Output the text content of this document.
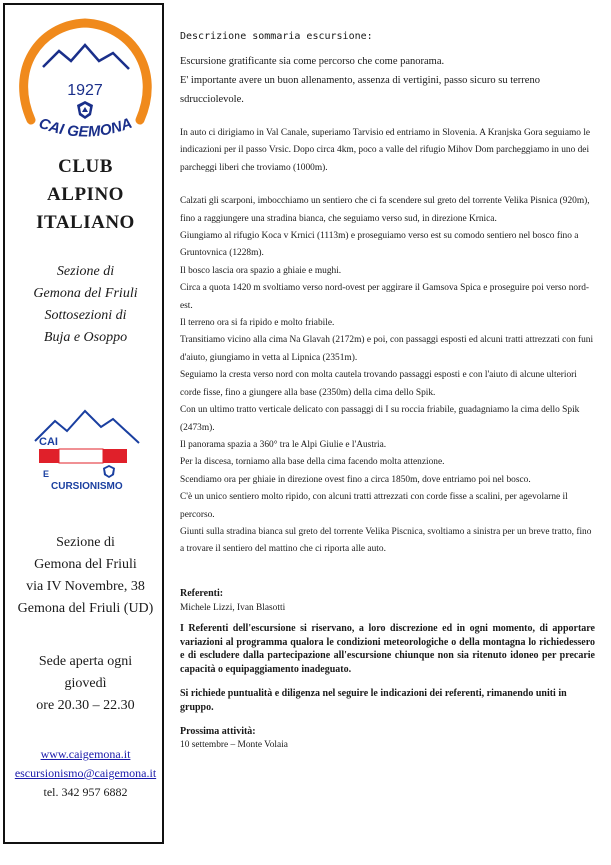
1927
CAI GEMONA
CLUB
ALPINO
ITALIANO
Sezione di
Gemona del Friuli
Sottosezioni di
Buja e Osoppo
CAI
E
CURSIONISMO
Sezione di
Gemona del Friuli
via IV Novembre, 38
Gemona del Friuli (UD)
Sede aperta ogni
giovedì
ore 20.30 – 22.30
www.caigemona.it
escursionismo@caigemona.it
tel. 342 957 6882

Descrizione sommaria escursione:

Escursione gratificante sia come percorso che come panorama.

E' importante avere un buon allenamento, assenza di vertigini, passo sicuro su terreno sdrucciolevole.

In auto ci dirigiamo in Val Canale, superiamo Tarvisio ed entriamo in Slovenia. A Kranjska Gora seguiamo le indicazioni per il passo Vrsic. Dopo circa 4km, poco a valle del rifugio Mihov Dom parcheggiamo in uno dei parcheggi liberi che troviamo (1000m).

Calzati gli scarponi, imbocchiamo un sentiero che ci fa scendere sul greto del torrente Velika Pisnica (920m), fino a raggiungere una stradina bianca, che seguiamo verso sud, in direzione Krnica.

Giungiamo al rifugio Koca v Krnici (1113m) e proseguiamo verso est su comodo sentiero nel bosco fino a Gruntovnica (1228m).

Il bosco lascia ora spazio a ghiaie e mughi.

Circa a quota 1420 m svoltiamo verso nord-ovest per aggirare il Gamsova Spica e proseguire poi verso nord-est.

Il terreno ora si fa ripido e molto friabile.

Transitiamo vicino alla cima Na Glavah (2172m) e poi, con passaggi esposti ed alcuni tratti attrezzati con funi d'aiuto, giungiamo in vetta al Lipnica (2351m).

Seguiamo la cresta verso nord con molta cautela trovando passaggi esposti e con l'aiuto di alcune ulteriori corde fisse, fino a giungere alla base (2350m) della cima dello Spik.

Con un ultimo tratto verticale delicato con passaggi di I su roccia friabile, guadagniamo la cima dello Spik (2473m).

Il panorama spazia a 360° tra le Alpi Giulie e l'Austria.

Per la discesa, torniamo alla base della cima facendo molta attenzione.

Scendiamo ora per ghiaie in direzione ovest fino a circa 1850m, dove entriamo poi nel bosco.

C'è un unico sentiero molto ripido, con alcuni tratti attrezzati con corde fisse a scalini, per agevolarne il percorso.

Giunti sulla stradina bianca sul greto del torrente Velika Piscnica, svoltiamo a sinistra per un breve tratto, fino a trovare il sentiero del mattino che ci riporta alle auto.

Referenti:

Michele Lizzi, Ivan Blasotti

I Referenti dell'escursione si riservano, a loro discrezione ed in ogni momento, di apportare variazioni al programma qualora le condizioni meteorologiche o della montagna lo richiedessero e di escludere dalla partecipazione all'escursione chiunque non sia ritenuto idoneo per precarie capacità o equipaggiamento inadeguato.

Si richiede puntualità e diligenza nel seguire le indicazioni dei referenti, rimanendo uniti in gruppo.

Prossima attività:

10 settembre – Monte Volaia
